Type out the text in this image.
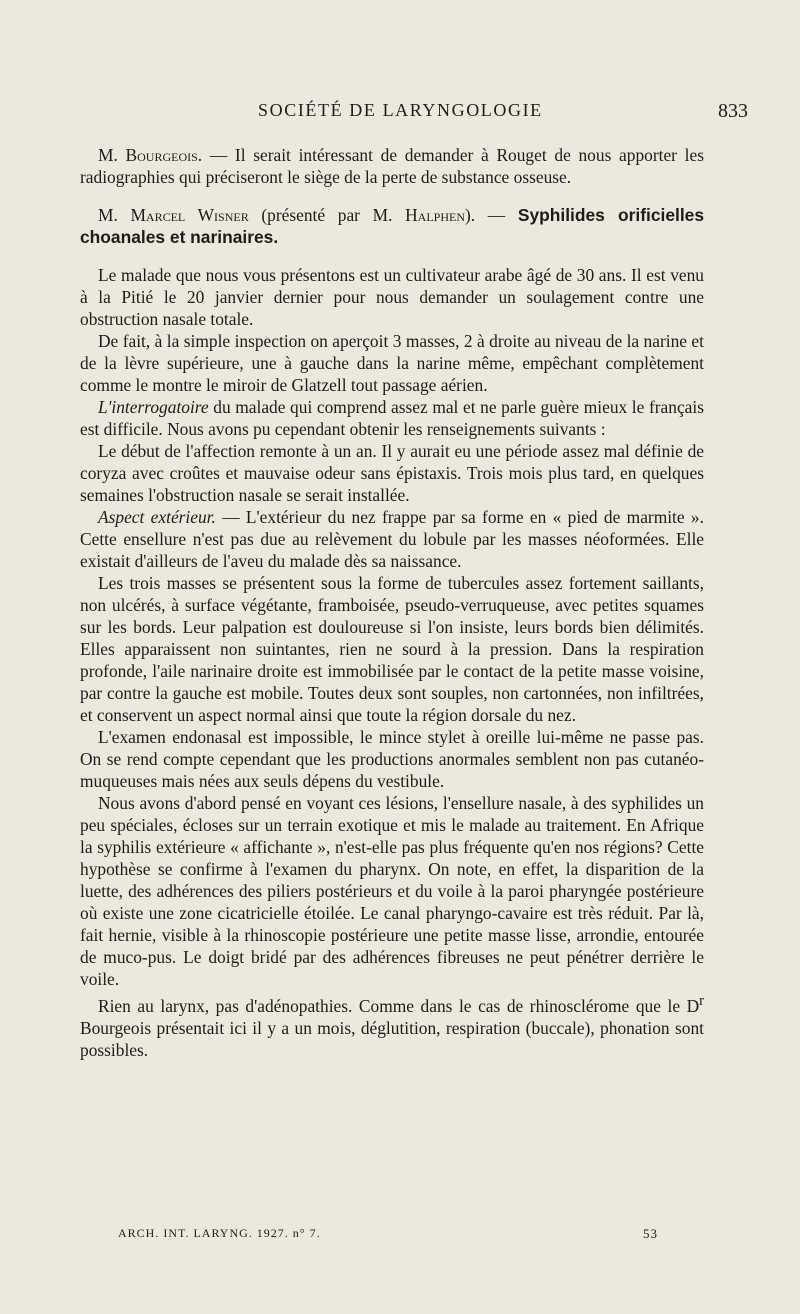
SOCIÉTÉ DE LARYNGOLOGIE	833

M. Bourgeois. — Il serait intéressant de demander à Rouget de nous apporter les radiographies qui préciseront le siège de la perte de substance osseuse.

M. Marcel Wisner (présenté par M. Halphen). — Syphilides orificielles choanales et narinaires.

Le malade que nous vous présentons est un cultivateur arabe âgé de 30 ans. Il est venu à la Pitié le 20 janvier dernier pour nous demander un soulagement contre une obstruction nasale totale.

De fait, à la simple inspection on aperçoit 3 masses, 2 à droite au niveau de la narine et de la lèvre supérieure, une à gauche dans la narine même, empêchant complètement comme le montre le miroir de Glatzell tout passage aérien.

L'interrogatoire du malade qui comprend assez mal et ne parle guère mieux le français est difficile. Nous avons pu cependant obtenir les renseignements suivants :

Le début de l'affection remonte à un an. Il y aurait eu une période assez mal définie de coryza avec croûtes et mauvaise odeur sans épistaxis. Trois mois plus tard, en quelques semaines l'obstruction nasale se serait installée.

Aspect extérieur. — L'extérieur du nez frappe par sa forme en « pied de marmite ». Cette ensellure n'est pas due au relèvement du lobule par les masses néoformées. Elle existait d'ailleurs de l'aveu du malade dès sa naissance.

Les trois masses se présentent sous la forme de tubercules assez fortement saillants, non ulcérés, à surface végétante, framboisée, pseudo-verruqueuse, avec petites squames sur les bords. Leur palpation est douloureuse si l'on insiste, leurs bords bien délimités. Elles apparaissent non suintantes, rien ne sourd à la pression. Dans la respiration profonde, l'aile narinaire droite est immobilisée par le contact de la petite masse voisine, par contre la gauche est mobile. Toutes deux sont souples, non cartonnées, non infiltrées, et conservent un aspect normal ainsi que toute la région dorsale du nez.

L'examen endonasal est impossible, le mince stylet à oreille lui-même ne passe pas. On se rend compte cependant que les productions anormales semblent non pas cutanéo-muqueuses mais nées aux seuls dépens du vestibule.

Nous avons d'abord pensé en voyant ces lésions, l'ensellure nasale, à des syphilides un peu spéciales, écloses sur un terrain exotique et mis le malade au traitement. En Afrique la syphilis extérieure « affichante », n'est-elle pas plus fréquente qu'en nos régions? Cette hypothèse se confirme à l'examen du pharynx. On note, en effet, la disparition de la luette, des adhérences des piliers postérieurs et du voile à la paroi pharyngée postérieure où existe une zone cicatricielle étoilée. Le canal pharyngo-cavaire est très réduit. Par là, fait hernie, visible à la rhinoscopie postérieure une petite masse lisse, arrondie, entourée de muco-pus. Le doigt bridé par des adhérences fibreuses ne peut pénétrer derrière le voile.

Rien au larynx, pas d'adénopathies. Comme dans le cas de rhinosclérome que le $D^r$ Bourgeois présentait ici il y a un mois, déglutition, respiration (buccale), phonation sont possibles.

ARCH. INT. LARYNG. 1927. n° 7.	53
